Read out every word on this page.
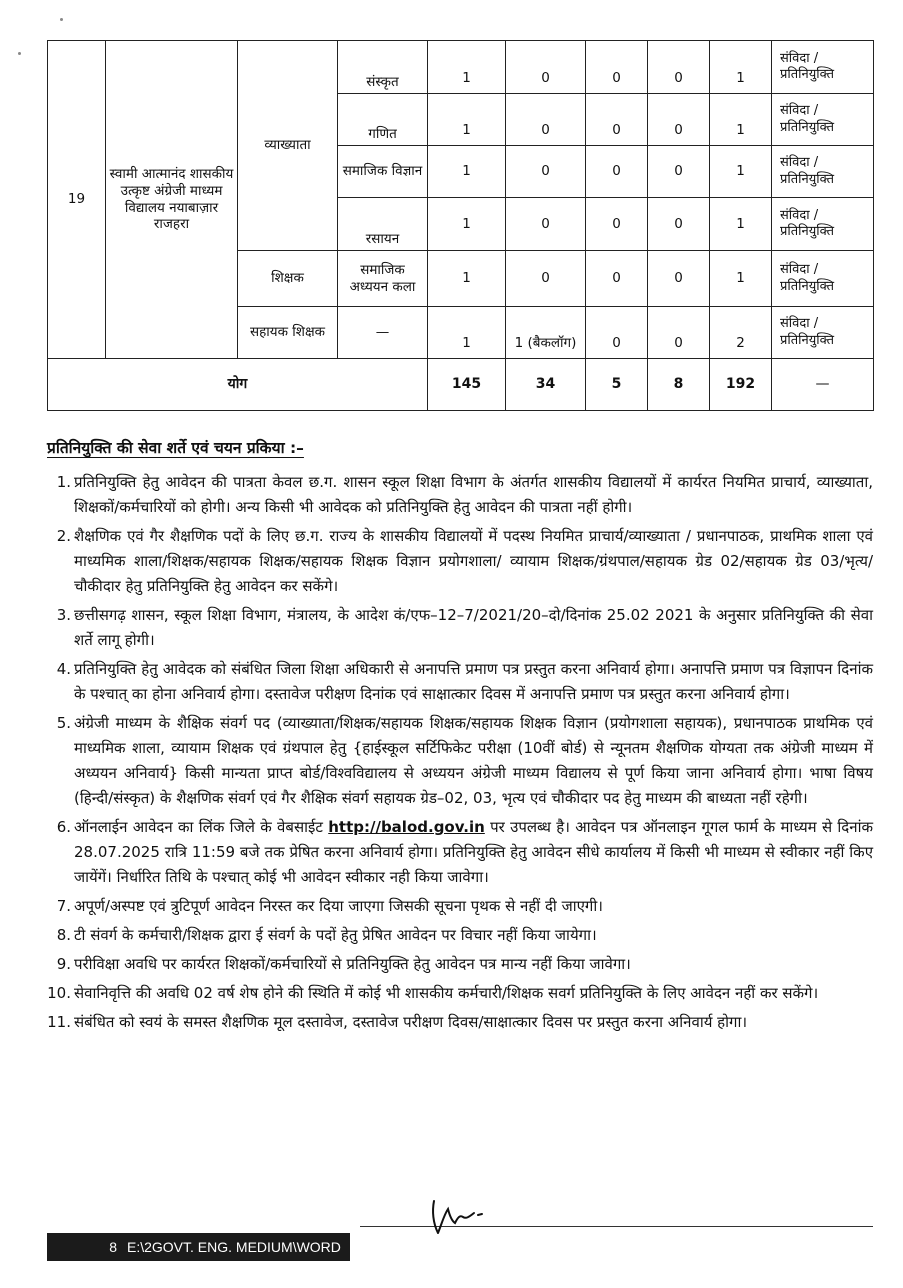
19	स्वामी आत्मानंद शासकीय उत्कृष्ट अंग्रेजी माध्यम विद्यालय नयाबाज़ार राजहरा	व्याख्याता	संस्कृत	1	0	0	0	1	संविदा / प्रतिनियुक्ति
			गणित	1	0	0	0	1	संविदा / प्रतिनियुक्ति
			समाजिक विज्ञान	1	0	0	0	1	संविदा / प्रतिनियुक्ति
			रसायन	1	0	0	0	1	संविदा / प्रतिनियुक्ति
		शिक्षक	समाजिक अध्ययन कला	1	0	0	0	1	संविदा / प्रतिनियुक्ति
		सहायक शिक्षक	—	1	1 (बैकलॉग)	0	0	2	संविदा / प्रतिनियुक्ति
योग				145	34	5	8	192	—
प्रतिनियुक्ति की सेवा शर्ते एवं चयन प्रकिया :–
1. प्रतिनियुक्ति हेतु आवेदन की पात्रता केवल छ.ग. शासन स्कूल शिक्षा विभाग के अंतर्गत शासकीय विद्यालयों में कार्यरत नियमित प्राचार्य, व्याख्याता, शिक्षकों/कर्मचारियों को होगी। अन्य किसी भी आवेदक को प्रतिनियुक्ति हेतु आवेदन की पात्रता नहीं होगी।
2. शैक्षणिक एवं गैर शैक्षणिक पदों के लिए छ.ग. राज्य के शासकीय विद्यालयों में पदस्थ नियमित प्राचार्य/व्याख्याता / प्रधानपाठक, प्राथमिक शाला एवं माध्यमिक शाला/शिक्षक/सहायक शिक्षक/सहायक शिक्षक विज्ञान प्रयोगशाला/ व्यायाम शिक्षक/ग्रंथपाल/सहायक ग्रेड 02/सहायक ग्रेड 03/भृत्य/चौकीदार हेतु प्रतिनियुक्ति हेतु आवेदन कर सकेंगे।
3. छत्तीसगढ़ शासन, स्कूल शिक्षा विभाग, मंत्रालय, के आदेश कं/एफ–12–7/2021/20–दो/दिनांक 25.02 2021 के अनुसार प्रतिनियुक्ति की सेवा शर्ते लागू होगी।
4. प्रतिनियुक्ति हेतु आवेदक को संबंधित जिला शिक्षा अधिकारी से अनापत्ति प्रमाण पत्र प्रस्तुत करना अनिवार्य होगा। अनापत्ति प्रमाण पत्र विज्ञापन दिनांक के पश्चात् का होना अनिवार्य होगा। दस्तावेज परीक्षण दिनांक एवं साक्षात्कार दिवस में अनापत्ति प्रमाण पत्र प्रस्तुत करना अनिवार्य होगा।
5. अंग्रेजी माध्यम के शैक्षिक संवर्ग पद (व्याख्याता/शिक्षक/सहायक शिक्षक/सहायक शिक्षक विज्ञान (प्रयोगशाला सहायक), प्रधानपाठक प्राथमिक एवं माध्यमिक शाला, व्यायाम शिक्षक एवं ग्रंथपाल हेतु {हाईस्कूल सर्टिफिकेट परीक्षा (10वीं बोर्ड) से न्यूनतम शैक्षणिक योग्यता तक अंग्रेजी माध्यम में अध्ययन अनिवार्य} किसी मान्यता प्राप्त बोर्ड/विश्वविद्यालय से अध्ययन अंग्रेजी माध्यम विद्यालय से पूर्ण किया जाना अनिवार्य होगा। भाषा विषय (हिन्दी/संस्कृत) के शैक्षणिक संवर्ग एवं गैर शैक्षिक संवर्ग सहायक ग्रेड–02, 03, भृत्य एवं चौकीदार पद हेतु माध्यम की बाध्यता नहीं रहेगी।
6. ऑनलाईन आवेदन का लिंक जिले के वेबसाईट http://balod.gov.in पर उपलब्ध है। आवेदन पत्र ऑनलाइन गूगल फार्म के माध्यम से दिनांक 28.07.2025 रात्रि 11:59 बजे तक प्रेषित करना अनिवार्य होगा। प्रतिनियुक्ति हेतु आवेदन सीधे कार्यालय में किसी भी माध्यम से स्वीकार नहीं किए जायेंगें। निर्धारित तिथि के पश्चात् कोई भी आवेदन स्वीकार नही किया जावेगा।
7. अपूर्ण/अस्पष्ट एवं त्रुटिपूर्ण आवेदन निरस्त कर दिया जाएगा जिसकी सूचना पृथक से नहीं दी जाएगी।
8. टी संवर्ग के कर्मचारी/शिक्षक द्वारा ई संवर्ग के पदों हेतु प्रेषित आवेदन पर विचार नहीं किया जायेगा।
9. परीविक्षा अवधि पर कार्यरत शिक्षकों/कर्मचारियों से प्रतिनियुक्ति हेतु आवेदन पत्र मान्य नहीं किया जावेगा।
10. सेवानिवृत्ति की अवधि 02 वर्ष शेष होने की स्थिति में कोई भी शासकीय कर्मचारी/शिक्षक सवर्ग प्रतिनियुक्ति के लिए आवेदन नहीं कर सकेंगे।
11. संबंधित को स्वयं के समस्त शैक्षणिक मूल दस्तावेज, दस्तावेज परीक्षण दिवस/साक्षात्कार दिवस पर प्रस्तुत करना अनिवार्य होगा।
8 E:\2GOVT. ENG. MEDIUM\WORD
